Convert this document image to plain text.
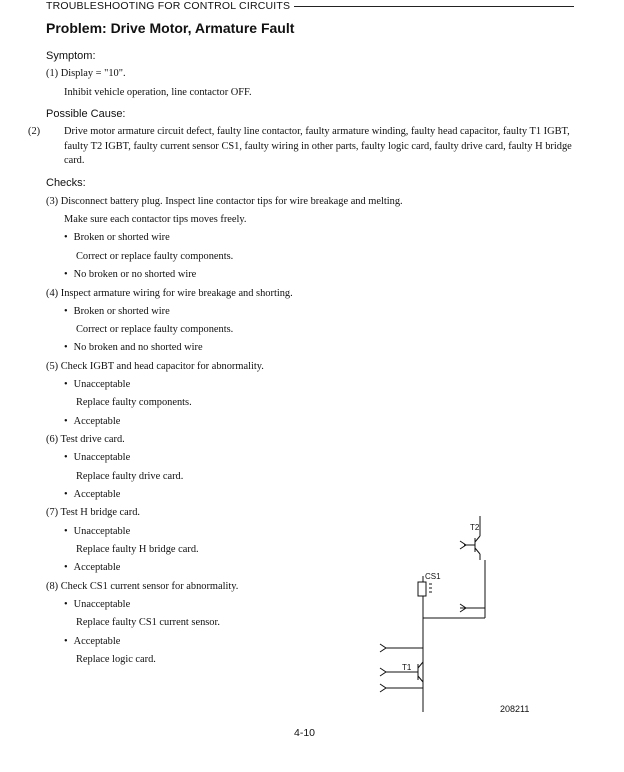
TROUBLESHOOTING FOR CONTROL CIRCUITS
Problem: Drive Motor, Armature Fault
Symptom:
(1) Display = "10".
Inhibit vehicle operation, line contactor OFF.
Possible Cause:
(2) Drive motor armature circuit defect, faulty line contactor, faulty armature winding, faulty head capacitor, faulty T1 IGBT, faulty T2 IGBT, faulty current sensor CS1, faulty wiring in other parts, faulty logic card, faulty drive card, faulty H bridge card.
Checks:
(3) Disconnect battery plug. Inspect line contactor tips for wire breakage and melting.
Make sure each contactor tips moves freely.
• Broken or shorted wire
Correct or replace faulty components.
• No broken or no shorted wire
(4) Inspect armature wiring for wire breakage and shorting.
• Broken or shorted wire
Correct or replace faulty components.
• No broken and no shorted wire
(5) Check IGBT and head capacitor for abnormality.
• Unacceptable
Replace faulty components.
• Acceptable
(6) Test drive card.
• Unacceptable
Replace faulty drive card.
• Acceptable
(7) Test H bridge card.
• Unacceptable
Replace faulty H bridge card.
• Acceptable
(8) Check CS1 current sensor for abnormality.
• Unacceptable
Replace faulty CS1 current sensor.
• Acceptable
Replace logic card.
T2
CS1
T1
208211
4-10
